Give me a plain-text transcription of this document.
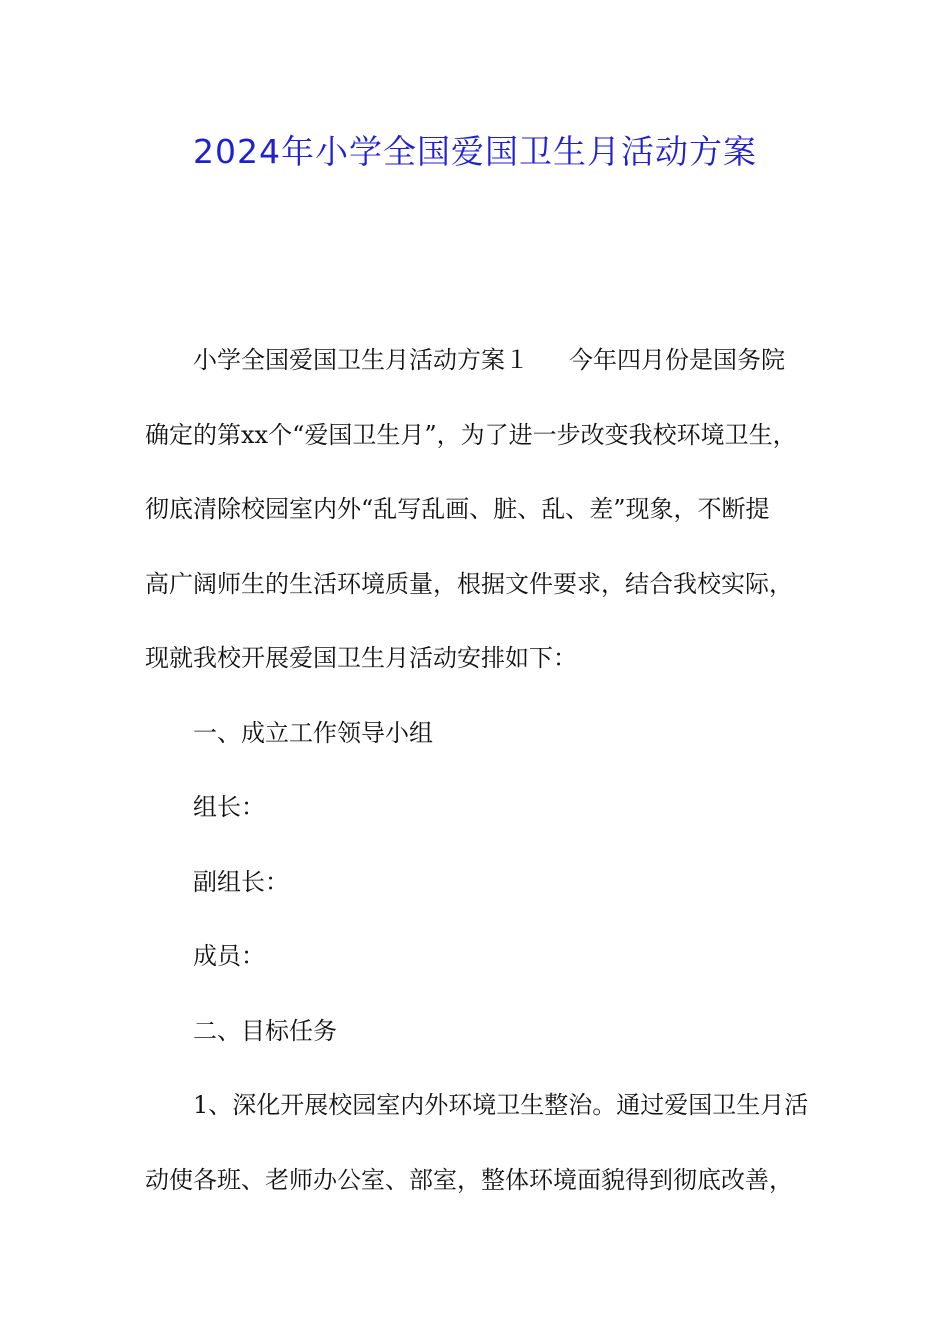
2024年小学全国爱国卫生月活动方案
小学全国爱国卫生月活动方案１ 今年四月份是国务院
确定的第xx个“爱国卫生月”，为了进一步改变我校环境卫生，
彻底清除校园室内外“乱写乱画、脏、乱、差”现象，不断提
高广阔师生的生活环境质量，根据文件要求，结合我校实际，
现就我校开展爱国卫生月活动安排如下：
一、成立工作领导小组
组长：
副组长：
成员：
二、目标任务
1、深化开展校园室内外环境卫生整治。通过爱国卫生月活
动使各班、老师办公室、部室，整体环境面貌得到彻底改善，
